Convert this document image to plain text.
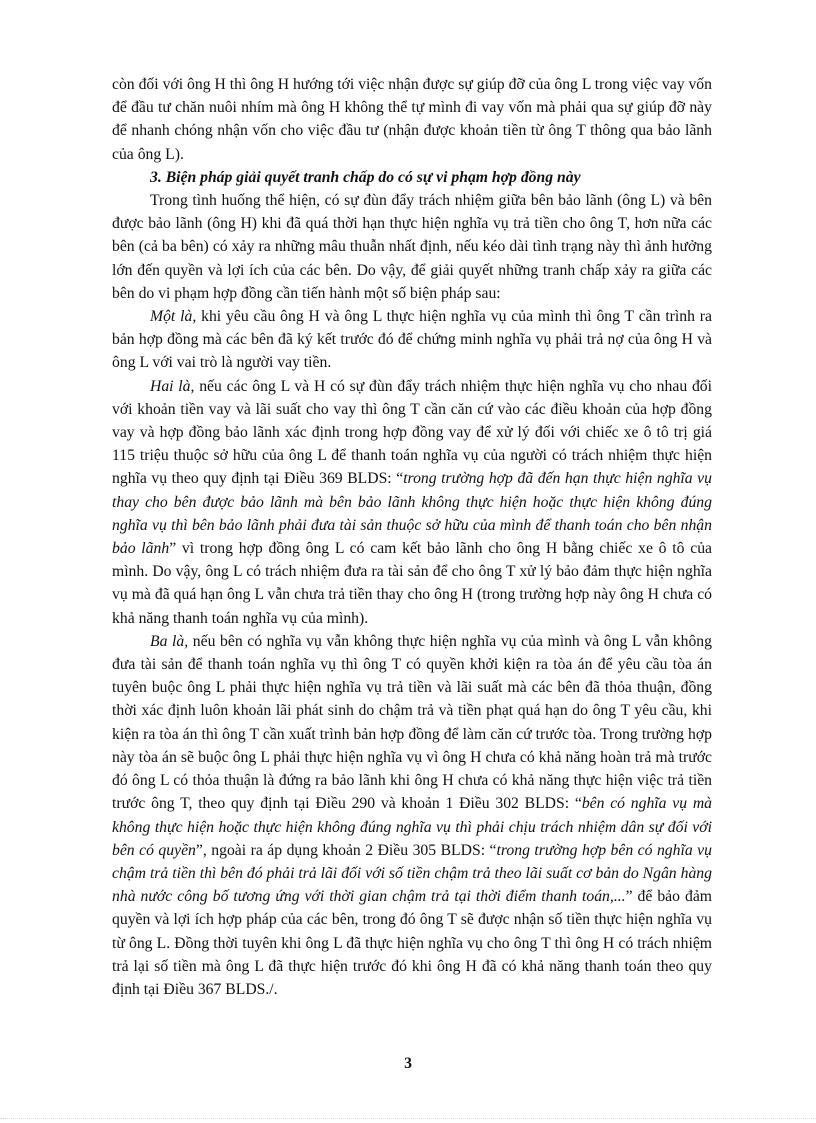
còn đối với ông H thì ông H hướng tới việc nhận được sự giúp đỡ của ông L trong việc vay vốn để đầu tư chăn nuôi nhím mà ông H không thể tự mình đi vay vốn mà phải qua sự giúp đỡ này để nhanh chóng nhận vốn cho việc đầu tư (nhận được khoản tiền từ ông T thông qua bảo lãnh của ông L).

3. Biện pháp giải quyết tranh chấp do có sự vi phạm hợp đồng này

Trong tình huống thể hiện, có sự đùn đẩy trách nhiệm giữa bên bảo lãnh (ông L) và bên được bảo lãnh (ông H) khi đã quá thời hạn thực hiện nghĩa vụ trả tiền cho ông T, hơn nữa các bên (cả ba bên) có xảy ra những mâu thuẫn nhất định, nếu kéo dài tình trạng này thì ảnh hưởng lớn đến quyền và lợi ích của các bên. Do vậy, để giải quyết những tranh chấp xảy ra giữa các bên do vi phạm hợp đồng cần tiến hành một số biện pháp sau:

Một là, khi yêu cầu ông H và ông L thực hiện nghĩa vụ của mình thì ông T cần trình ra bản hợp đồng mà các bên đã ký kết trước đó để chứng minh nghĩa vụ phải trả nợ của ông H và ông L với vai trò là người vay tiền.

Hai là, nếu các ông L và H có sự đùn đẩy trách nhiệm thực hiện nghĩa vụ cho nhau đối với khoản tiền vay và lãi suất cho vay thì ông T cần căn cứ vào các điều khoản của hợp đồng vay và hợp đồng bảo lãnh xác định trong hợp đồng vay để xử lý đối với chiếc xe ô tô trị giá 115 triệu thuộc sở hữu của ông L để thanh toán nghĩa vụ của người có trách nhiệm thực hiện nghĩa vụ theo quy định tại Điều 369 BLDS: “trong trường hợp đã đến hạn thực hiện nghĩa vụ thay cho bên được bảo lãnh mà bên bảo lãnh không thực hiện hoặc thực hiện không đúng nghĩa vụ thì bên bảo lãnh phải đưa tài sản thuộc sở hữu của mình để thanh toán cho bên nhận bảo lãnh” vì trong hợp đồng ông L có cam kết bảo lãnh cho ông H bằng chiếc xe ô tô của mình. Do vậy, ông L có trách nhiệm đưa ra tài sản để cho ông T xử lý bảo đảm thực hiện nghĩa vụ mà đã quá hạn ông L vẫn chưa trả tiền thay cho ông H (trong trường hợp này ông H chưa có khả năng thanh toán nghĩa vụ của mình).

Ba là, nếu bên có nghĩa vụ vẫn không thực hiện nghĩa vụ của mình và ông L vẫn không đưa tài sản để thanh toán nghĩa vụ thì ông T có quyền khởi kiện ra tòa án để yêu cầu tòa án tuyên buộc ông L phải thực hiện nghĩa vụ trả tiền và lãi suất mà các bên đã thỏa thuận, đồng thời xác định luôn khoản lãi phát sinh do chậm trả và tiền phạt quá hạn do ông T yêu cầu, khi kiện ra tòa án thì ông T cần xuất trình bản hợp đồng để làm căn cứ trước tòa. Trong trường hợp này tòa án sẽ buộc ông L phải thực hiện nghĩa vụ vì ông H chưa có khả năng hoàn trả mà trước đó ông L có thỏa thuận là đứng ra bảo lãnh khi ông H chưa có khả năng thực hiện việc trả tiền trước ông T, theo quy định tại Điều 290 và khoản 1 Điều 302 BLDS: “bên có nghĩa vụ mà không thực hiện hoặc thực hiện không đúng nghĩa vụ thì phải chịu trách nhiệm dân sự đối với bên có quyền”, ngoài ra áp dụng khoản 2 Điều 305 BLDS: “trong trường hợp bên có nghĩa vụ chậm trả tiền thì bên đó phải trả lãi đối với số tiền chậm trả theo lãi suất cơ bản do Ngân hàng nhà nước công bố tương ứng với thời gian chậm trả tại thời điểm thanh toán,...” để bảo đảm quyền và lợi ích hợp pháp của các bên, trong đó ông T sẽ được nhận số tiền thực hiện nghĩa vụ từ ông L. Đồng thời tuyên khi ông L đã thực hiện nghĩa vụ cho ông T thì ông H có trách nhiệm trả lại số tiền mà ông L đã thực hiện trước đó khi ông H đã có khả năng thanh toán theo quy định tại Điều 367 BLDS./.

3
